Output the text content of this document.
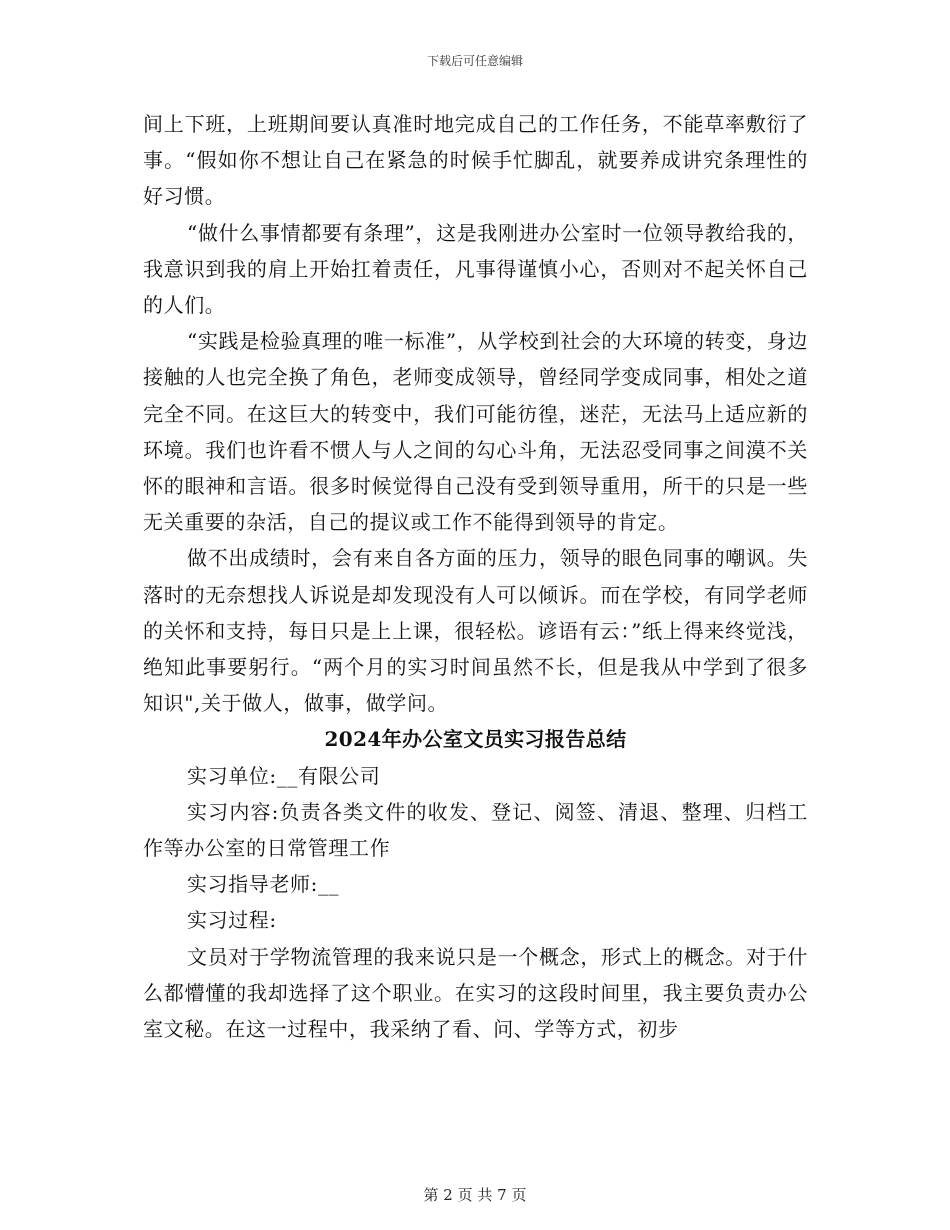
下载后可任意编辑

间上下班，上班期间要认真准时地完成自己的工作任务，不能草率敷衍了事。“假如你不想让自己在紧急的时候手忙脚乱，就要养成讲究条理性的好习惯。

“做什么事情都要有条理”，这是我刚进办公室时一位领导教给我的，我意识到我的肩上开始扛着责任，凡事得谨慎小心，否则对不起关怀自己的人们。

“实践是检验真理的唯一标准”，从学校到社会的大环境的转变，身边接触的人也完全换了角色，老师变成领导，曾经同学变成同事，相处之道完全不同。在这巨大的转变中，我们可能彷徨，迷茫，无法马上适应新的环境。我们也许看不惯人与人之间的勾心斗角，无法忍受同事之间漠不关怀的眼神和言语。很多时候觉得自己没有受到领导重用，所干的只是一些无关重要的杂活，自己的提议或工作不能得到领导的肯定。

做不出成绩时，会有来自各方面的压力，领导的眼色同事的嘲讽。失落时的无奈想找人诉说是却发现没有人可以倾诉。而在学校，有同学老师的关怀和支持，每日只是上上课，很轻松。谚语有云：”纸上得来终觉浅，绝知此事要躬行。“两个月的实习时间虽然不长，但是我从中学到了很多知识",关于做人，做事，做学问。

2024年办公室文员实习报告总结

实习单位:__有限公司

实习内容:负责各类文件的收发、登记、阅签、清退、整理、归档工作等办公室的日常管理工作

实习指导老师:__

实习过程:

文员对于学物流管理的我来说只是一个概念，形式上的概念。对于什么都懵懂的我却选择了这个职业。在实习的这段时间里，我主要负责办公室文秘。在这一过程中，我采纳了看、问、学等方式，初步

第 2 页 共 7 页
